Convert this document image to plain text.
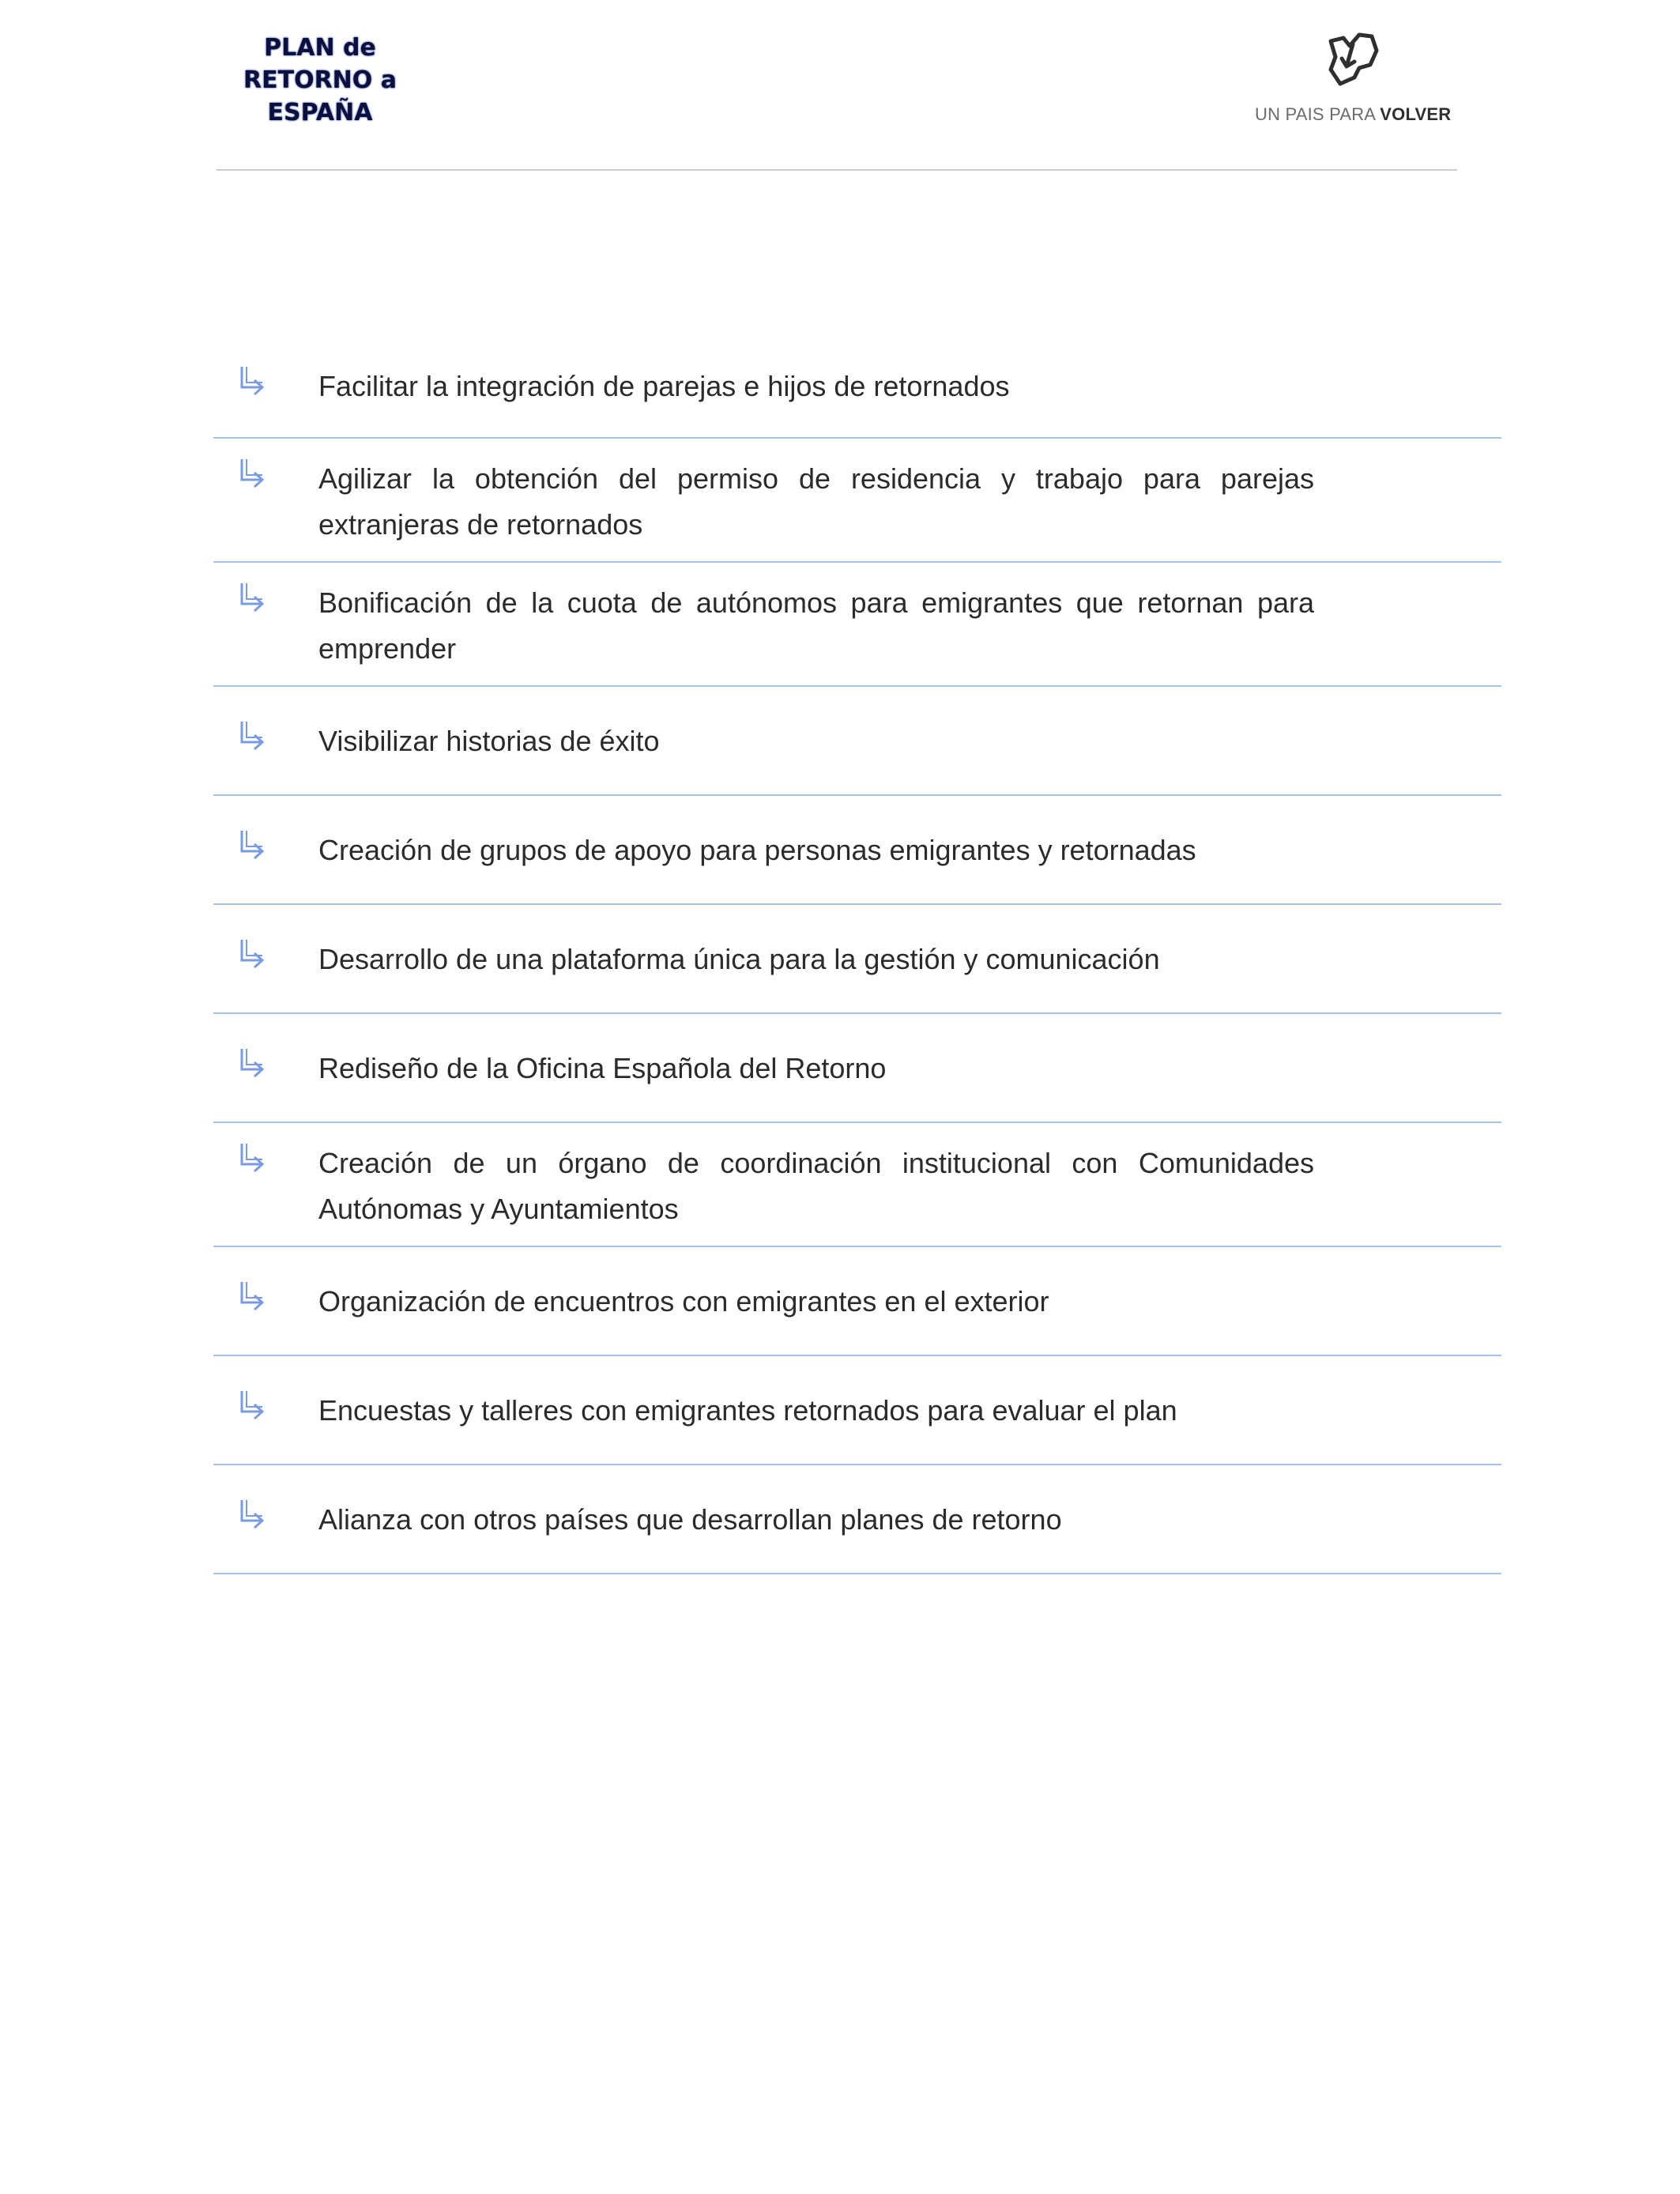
PLAN de
RETORNO a
ESPAÑA	UN PAIS PARA VOLVER
Facilitar la integración de parejas e hijos de retornados
Agilizar la obtención del permiso de residencia y trabajo para parejas extranjeras de retornados
Bonificación de la cuota de autónomos para emigrantes que retornan para emprender
Visibilizar historias de éxito
Creación de grupos de apoyo para personas emigrantes y retornadas
Desarrollo de una plataforma única para la gestión y comunicación
Rediseño de la Oficina Española del Retorno
Creación de un órgano de coordinación institucional con Comunidades Autónomas y Ayuntamientos
Organización de encuentros con emigrantes en el exterior
Encuestas y talleres con emigrantes retornados para evaluar el plan
Alianza con otros países que desarrollan planes de retorno
